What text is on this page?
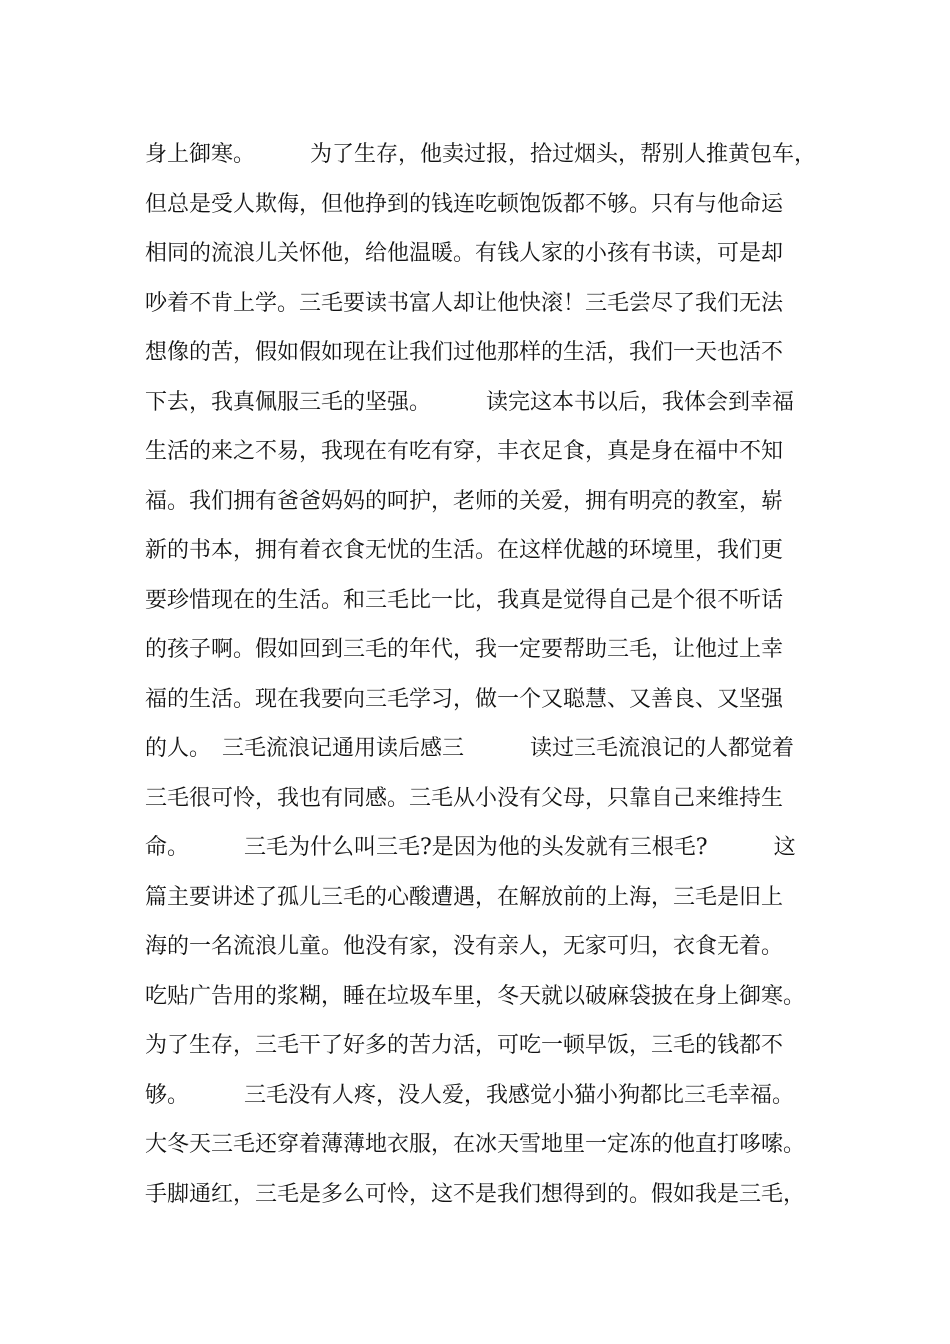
身上御寒。　　　为了生存，他卖过报，拾过烟头，帮别人推黄包车，
但总是受人欺侮，但他挣到的钱连吃顿饱饭都不够。只有与他命运
相同的流浪儿关怀他，给他温暖。有钱人家的小孩有书读，可是却
吵着不肯上学。三毛要读书富人却让他快滚！三毛尝尽了我们无法
想像的苦，假如假如现在让我们过他那样的生活，我们一天也活不
下去，我真佩服三毛的坚强。　　　读完这本书以后，我体会到幸福
生活的来之不易，我现在有吃有穿，丰衣足食，真是身在福中不知
福。我们拥有爸爸妈妈的呵护，老师的关爱，拥有明亮的教室，崭
新的书本，拥有着衣食无忧的生活。在这样优越的环境里，我们更
要珍惜现在的生活。和三毛比一比，我真是觉得自己是个很不听话
的孩子啊。假如回到三毛的年代，我一定要帮助三毛，让他过上幸
福的生活。现在我要向三毛学习，做一个又聪慧、又善良、又坚强
的人。　三毛流浪记通用读后感三　　　读过三毛流浪记的人都觉着
三毛很可怜，我也有同感。三毛从小没有父母，只靠自己来维持生
命。　　　三毛为什么叫三毛?是因为他的头发就有三根毛?　　　这
篇主要讲述了孤儿三毛的心酸遭遇，在解放前的上海，三毛是旧上
海的一名流浪儿童。他没有家，没有亲人，无家可归，衣食无着。
吃贴广告用的浆糊，睡在垃圾车里，冬天就以破麻袋披在身上御寒。
为了生存，三毛干了好多的苦力活，可吃一顿早饭，三毛的钱都不
够。　　　三毛没有人疼，没人爱，我感觉小猫小狗都比三毛幸福。
大冬天三毛还穿着薄薄地衣服，在冰天雪地里一定冻的他直打哆嗦。
手脚通红，三毛是多么可怜，这不是我们想得到的。假如我是三毛，
